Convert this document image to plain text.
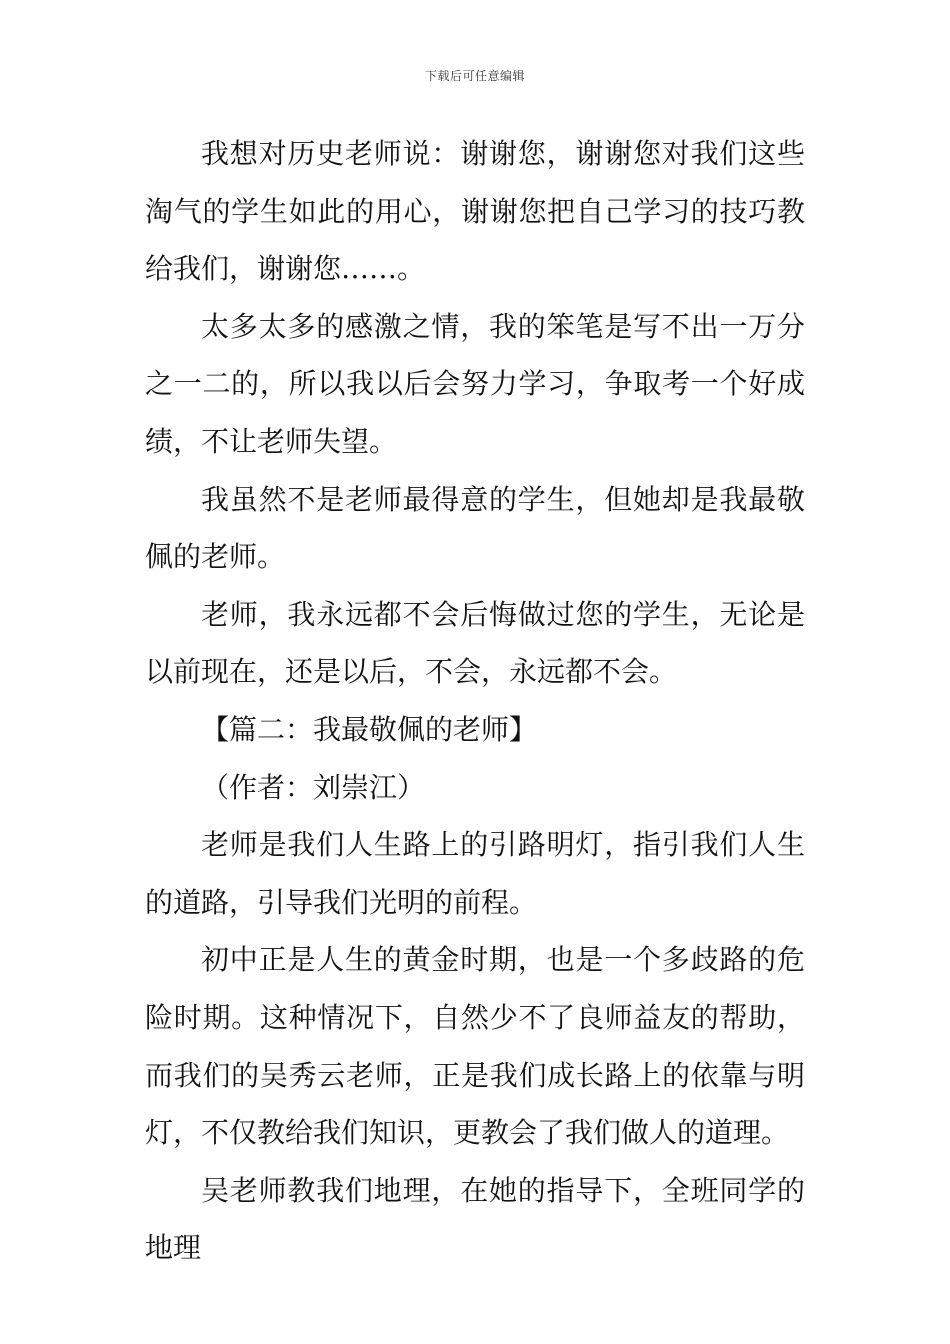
下载后可任意编辑

我想对历史老师说：谢谢您，谢谢您对我们这些淘气的学生如此的用心，谢谢您把自己学习的技巧教给我们，谢谢您……。

太多太多的感激之情，我的笨笔是写不出一万分之一二的，所以我以后会努力学习，争取考一个好成绩，不让老师失望。

我虽然不是老师最得意的学生，但她却是我最敬佩的老师。

老师，我永远都不会后悔做过您的学生，无论是以前现在，还是以后，不会，永远都不会。

【篇二：我最敬佩的老师】

（作者：刘崇江）

老师是我们人生路上的引路明灯，指引我们人生的道路，引导我们光明的前程。

初中正是人生的黄金时期，也是一个多歧路的危险时期。这种情况下，自然少不了良师益友的帮助，而我们的吴秀云老师，正是我们成长路上的依靠与明灯，不仅教给我们知识，更教会了我们做人的道理。

吴老师教我们地理，在她的指导下，全班同学的地理
